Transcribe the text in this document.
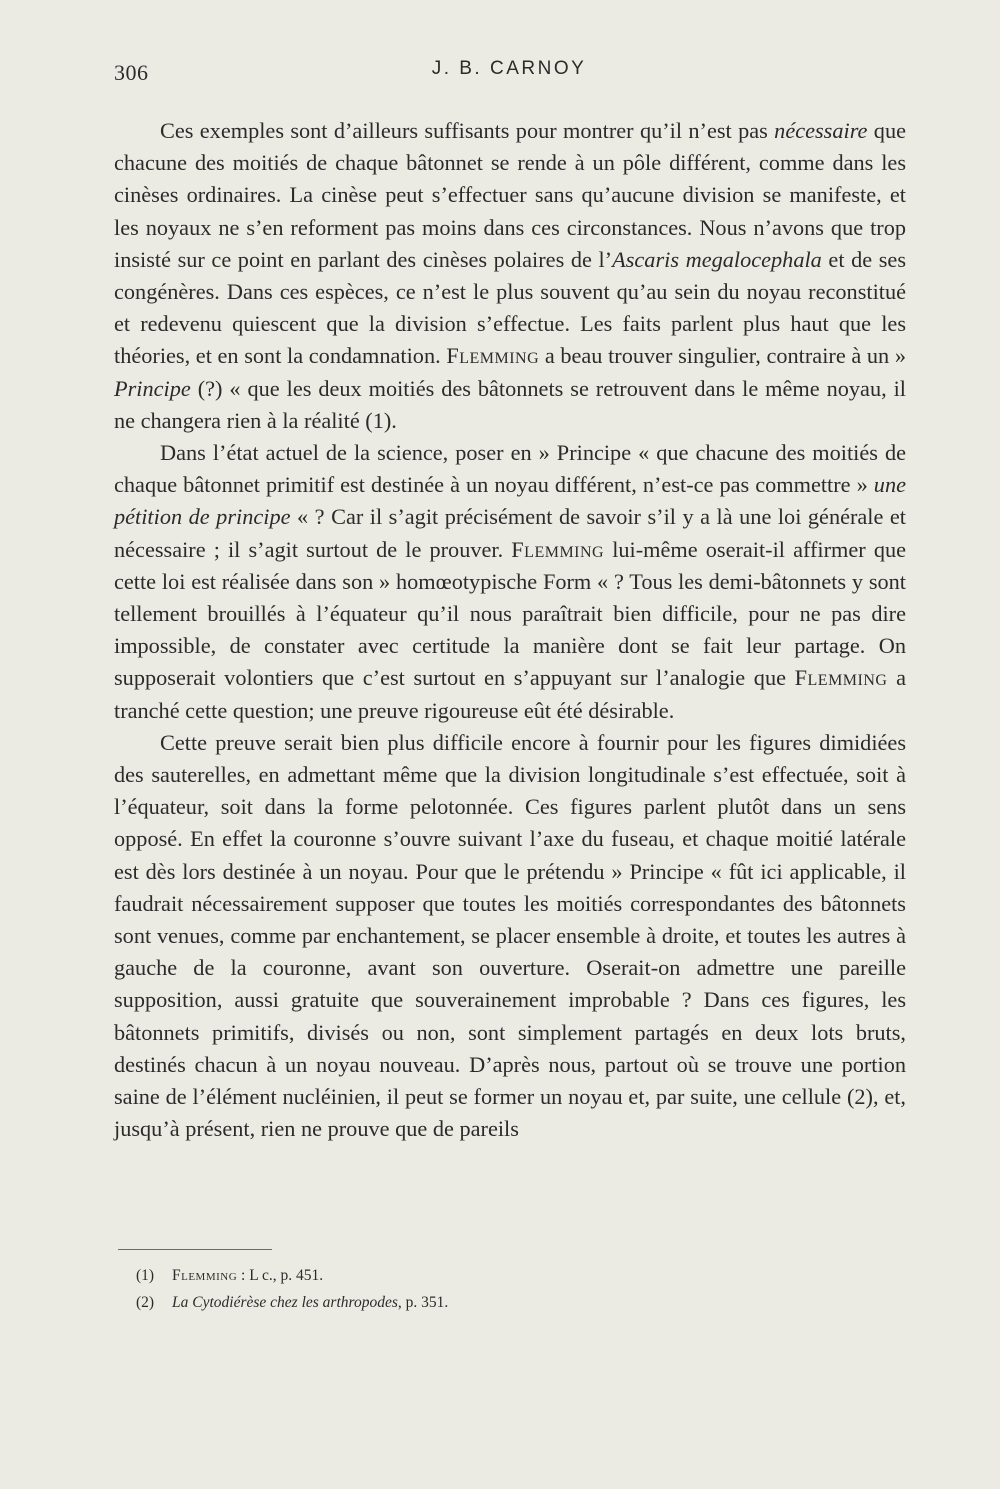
306	J. B. CARNOY

Ces exemples sont d’ailleurs suffisants pour montrer qu’il n’est pas nécessaire que chacune des moitiés de chaque bâtonnet se rende à un pôle différent, comme dans les cinèses ordinaires. La cinèse peut s’effectuer sans qu’aucune division se manifeste, et les noyaux ne s’en reforment pas moins dans ces circonstances. Nous n’avons que trop insisté sur ce point en parlant des cinèses polaires de l’Ascaris megalocephala et de ses congénères. Dans ces espèces, ce n’est le plus souvent qu’au sein du noyau reconstitué et redevenu quiescent que la division s’effectue. Les faits parlent plus haut que les théories, et en sont la condamnation. Flemming a beau trouver singulier, contraire à un » Principe (?) « que les deux moitiés des bâtonnets se retrouvent dans le même noyau, il ne changera rien à la réalité (1).

Dans l’état actuel de la science, poser en » Principe « que chacune des moitiés de chaque bâtonnet primitif est destinée à un noyau différent, n’est-ce pas commettre » une pétition de principe « ? Car il s’agit précisément de savoir s’il y a là une loi générale et nécessaire ; il s’agit surtout de le prouver. Flemming lui-même oserait-il affirmer que cette loi est réalisée dans son » homœotypische Form « ? Tous les demi-bâtonnets y sont tellement brouillés à l’équateur qu’il nous paraîtrait bien difficile, pour ne pas dire impossible, de constater avec certitude la manière dont se fait leur partage. On supposerait volontiers que c’est surtout en s’appuyant sur l’analogie que Flemming a tranché cette question; une preuve rigoureuse eût été désirable.

Cette preuve serait bien plus difficile encore à fournir pour les figures dimidiées des sauterelles, en admettant même que la division longitudinale s’est effectuée, soit à l’équateur, soit dans la forme pelotonnée. Ces figures parlent plutôt dans un sens opposé. En effet la couronne s’ouvre suivant l’axe du fuseau, et chaque moitié latérale est dès lors destinée à un noyau. Pour que le prétendu » Principe « fût ici applicable, il faudrait nécessairement supposer que toutes les moitiés correspondantes des bâtonnets sont venues, comme par enchantement, se placer ensemble à droite, et toutes les autres à gauche de la couronne, avant son ouverture. Oserait-on admettre une pareille supposition, aussi gratuite que souverainement improbable ? Dans ces figures, les bâtonnets primitifs, divisés ou non, sont simplement partagés en deux lots bruts, destinés chacun à un noyau nouveau. D’après nous, partout où se trouve une portion saine de l’élément nucléinien, il peut se former un noyau et, par suite, une cellule (2), et, jusqu’à présent, rien ne prouve que de pareils

(1) Flemming : L c., p. 451.
(2) La Cytodiérèse chez les arthropodes, p. 351.
